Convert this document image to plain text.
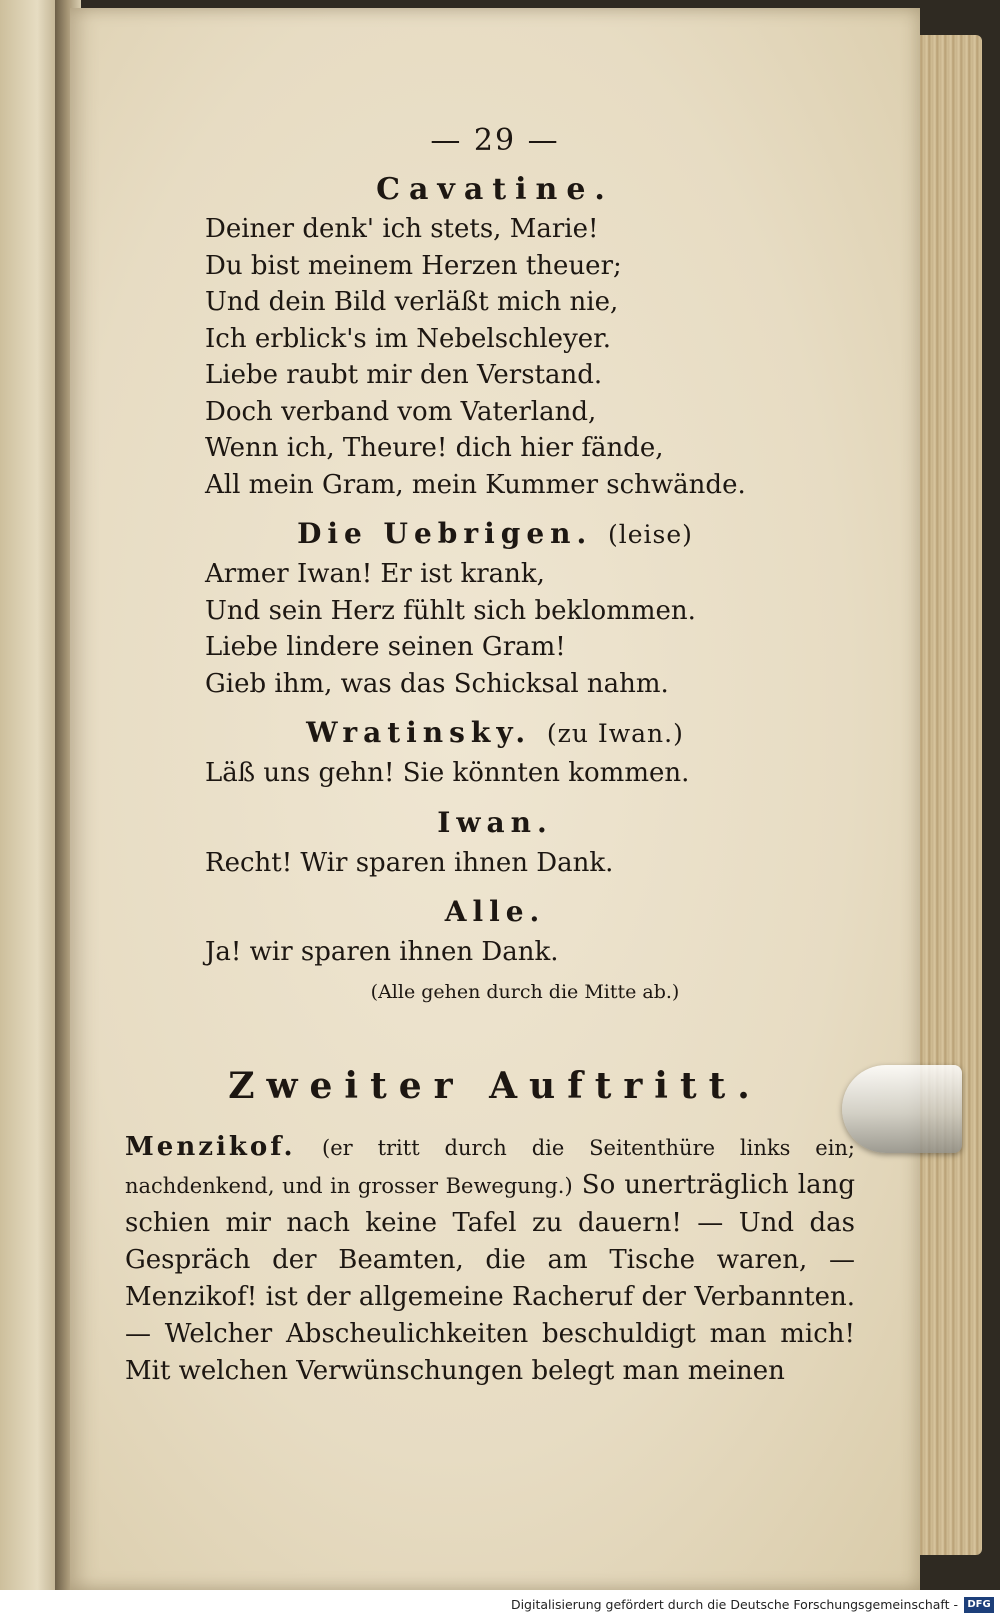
— 29 —
Cavatine.
Deiner denk' ich stets, Marie!
Du bist meinem Herzen theuer;
Und dein Bild verläßt mich nie,
Ich erblick's im Nebelschleyer.
Liebe raubt mir den Verstand.
Doch verband vom Vaterland,
Wenn ich, Theure! dich hier fände,
All mein Gram, mein Kummer schwände.
Die Uebrigen. (leise)
Armer Iwan! Er ist krank,
Und sein Herz fühlt sich beklommen.
Liebe lindere seinen Gram!
Gieb ihm, was das Schicksal nahm.
Wratinsky. (zu Iwan.)
Läß uns gehn! Sie könnten kommen.
Iwan.
Recht! Wir sparen ihnen Dank.
Alle.
Ja! wir sparen ihnen Dank.
(Alle gehen durch die Mitte ab.)
Zweiter Auftritt.
Menzikof. (er tritt durch die Seitenthüre links ein; nachdenkend, und in grosser Bewegung.) So unerträglich lang schien mir nach keine Tafel zu dauern! — Und das Gespräch der Beamten, die am Tische waren, — Menzikof! ist der allgemeine Racheruf der Verbannten. — Welcher Abscheulichkeiten beschuldigt man mich! Mit welchen Verwünschungen belegt man meinen
Digitalisierung gefördert durch die Deutsche Forschungsgemeinschaft - DFG
